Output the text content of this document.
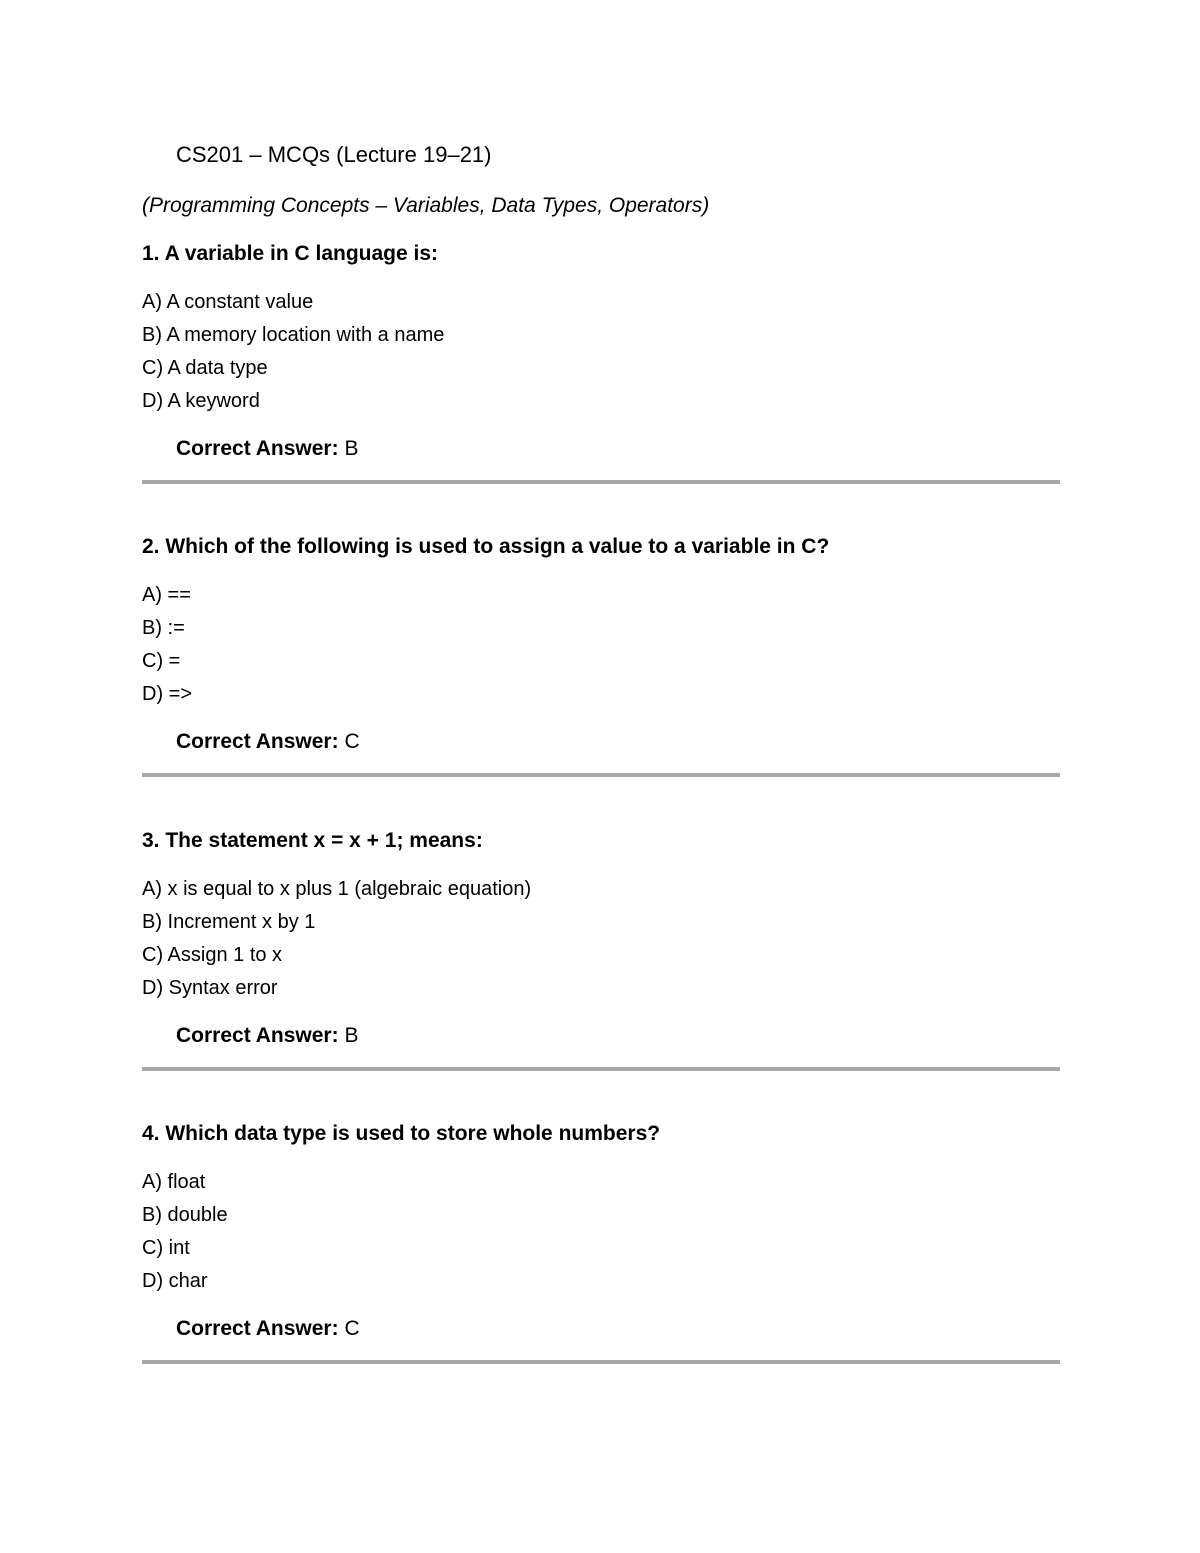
CS201 – MCQs (Lecture 19–21)
(Programming Concepts – Variables, Data Types, Operators)
1. A variable in C language is:
A) A constant value
B) A memory location with a name
C) A data type
D) A keyword
Correct Answer: B
2. Which of the following is used to assign a value to a variable in C?
A) ==
B) :=
C) =
D) =>
Correct Answer: C
3. The statement x = x + 1; means:
A) x is equal to x plus 1 (algebraic equation)
B) Increment x by 1
C) Assign 1 to x
D) Syntax error
Correct Answer: B
4. Which data type is used to store whole numbers?
A) float
B) double
C) int
D) char
Correct Answer: C
